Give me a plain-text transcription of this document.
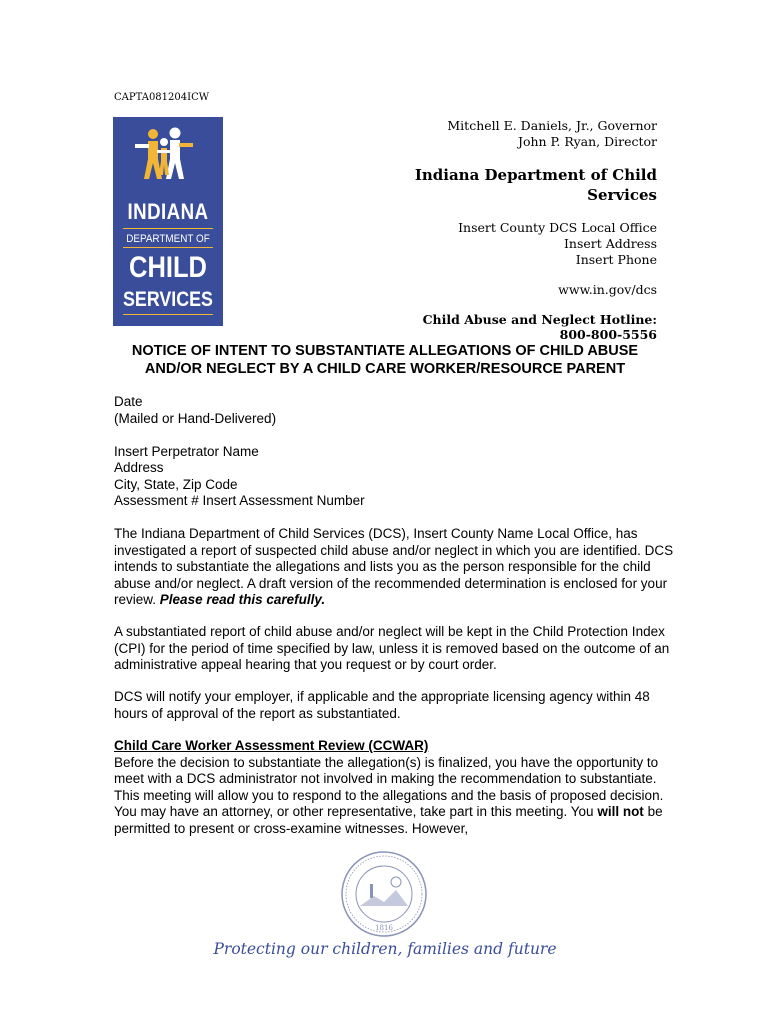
CAPTA081204ICW
INDIANA
DEPARTMENT OF
CHILD
SERVICES
Mitchell E. Daniels, Jr., Governor
John P. Ryan, Director
Indiana Department of Child
Services
Insert County DCS Local Office
Insert Address
Insert Phone
www.in.gov/dcs
Child Abuse and Neglect Hotline:
800-800-5556
NOTICE OF INTENT TO SUBSTANTIATE ALLEGATIONS OF CHILD ABUSE
AND/OR NEGLECT BY A CHILD CARE WORKER/RESOURCE PARENT
Date
(Mailed or Hand-Delivered)
Insert Perpetrator Name
Address
City, State, Zip Code
Assessment # Insert Assessment Number
The Indiana Department of Child Services (DCS), Insert County Name Local Office, has investigated a report of suspected child abuse and/or neglect in which you are identified. DCS intends to substantiate the allegations and lists you as the person responsible for the child abuse and/or neglect. A draft version of the recommended determination is enclosed for your review. Please read this carefully.
A substantiated report of child abuse and/or neglect will be kept in the Child Protection Index (CPI) for the period of time specified by law, unless it is removed based on the outcome of an administrative appeal hearing that you request or by court order.
DCS will notify your employer, if applicable and the appropriate licensing agency within 48 hours of approval of the report as substantiated.
Child Care Worker Assessment Review (CCWAR)
Before the decision to substantiate the allegation(s) is finalized, you have the opportunity to meet with a DCS administrator not involved in making the recommendation to substantiate. This meeting will allow you to respond to the allegations and the basis of proposed decision. You may have an attorney, or other representative, take part in this meeting. You will not be permitted to present or cross-examine witnesses. However,
1816
Protecting our children, families and future
